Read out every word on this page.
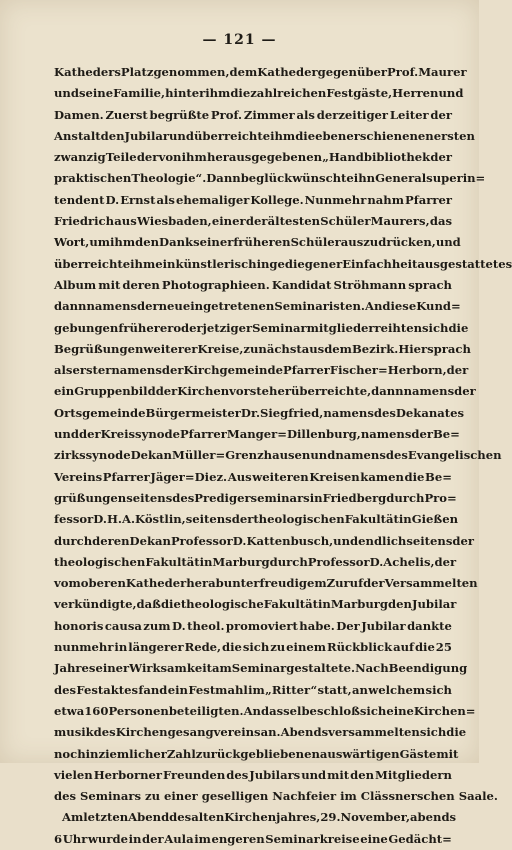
— 121 —
Katheders Platz genommen, dem Katheder gegenüber Prof. Maurer
und seine Familie, hinter ihm die zahlreichen Festgäste, Herren und
Damen. Zuerst begrüßte Prof. Zimmer als derzeitiger Leiter der
Anstalt den Jubilar und überreichte ihm die eben erschienenen ersten
zwanzig Teile der von ihm herausgegebenen „Handbibliothek der
praktischen Theologie“. Dann beglückwünschte ihn Generalsuperin=
tendent D. Ernst als ehemaliger Kollege. Nunmehr nahm Pfarrer
Friedrich aus Wiesbaden, einer der ältesten Schüler Maurers, das
Wort, um ihm den Dank seiner früheren Schüler auszudrücken, und
überreichte ihm ein künstlerisch in gediegener Einfachheit ausgestattetes
Album mit deren Photographieen. Kandidat Ströhmann sprach
dann namens der neueingetretenen Seminaristen. An diese Kund=
gebungen früherer oder jetziger Seminarmitglieder reihten sich die
Begrüßungen weiterer Kreise, zunächst aus dem Bezirk. Hier sprach
als erster namens der Kirchgemeinde Pfarrer Fischer=Herborn, der
ein Gruppenbild der Kirchenvorsteher überreichte, dann namens der
Ortsgemeinde Bürgermeister Dr. Siegfried, namens des Dekanates
und der Kreissynode Pfarrer Manger=Dillenburg, namens der Be=
zirkssynode Dekan Müller=Grenzhausen und namens des Evangelischen
Vereins Pfarrer Jäger=Diez. Aus weiteren Kreisen kamen die Be=
grüßungen seitens des Predigerseminars in Friedberg durch Pro=
fessor D. H. A. Köstlin, seitens der theologischen Fakultät in Gießen
durch deren Dekan Professor D. Kattenbusch, und endlich seitens der
theologischen Fakultät in Marburg durch Professor D. Achelis, der
vom oberen Katheder herab unter freudigem Zuruf der Versammelten
verkündigte, daß die theologische Fakultät in Marburg den Jubilar
honoris causa zum D. theol. promoviert habe. Der Jubilar dankte
nunmehr in längerer Rede, die sich zu einem Rückblick auf die 25
Jahre seiner Wirksamkeit am Seminar gestaltete. Nach Beendigung
des Festaktes fand ein Festmahl im „Ritter“ statt, an welchem sich
etwa 160 Personen beteiligten. An dasselbe schloß sich eine Kirchen=
musik des Kirchengesangvereins an. Abends versammelten sich die
noch in ziemlicher Zahl zurückgebliebenen auswärtigen Gäste mit
vielen Herborner Freunden des Jubilars und mit den Mitgliedern
des Seminars zu einer geselligen Nachfeier im Clässnerschen Saale.
Am letzten Abend des alten Kirchenjahres, 29. November, abends
6 Uhr wurde in der Aula im engeren Seminarkreise eine Gedächt=
